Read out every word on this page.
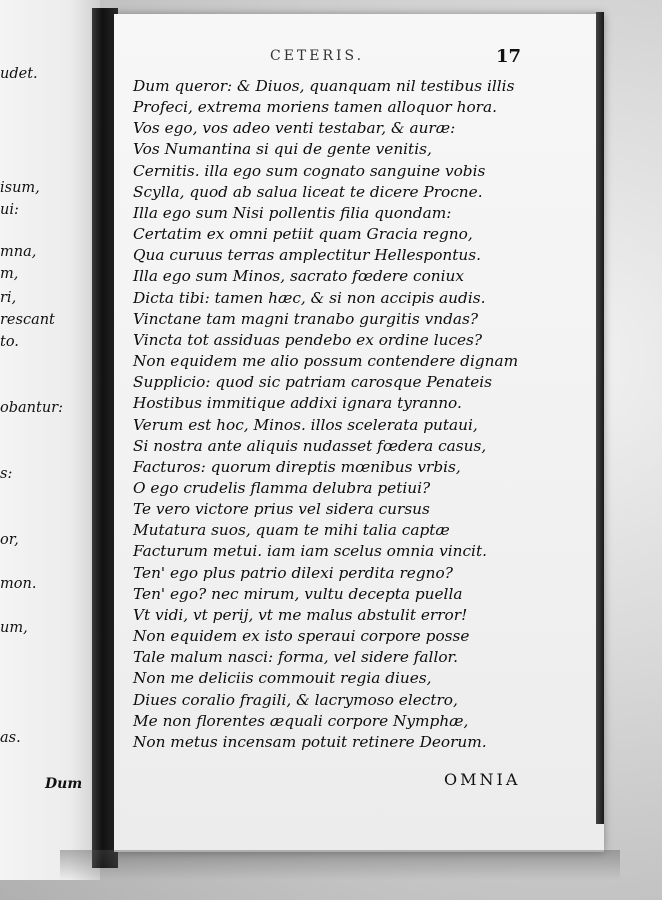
udet.
isum,
ui:
mna,
m,
ri,
rescant
to.
obantur:
s:
or,
mon.
um,
as.
Dum
CETERIS.	17
Dum queror: & Diuos, quanquam nil testibus illis
Profeci, extrema moriens tamen alloquor hora.
Vos ego, vos adeo venti testabar, & auræ:
Vos Numantina si qui de gente venitis,
Cernitis. illa ego sum cognato sanguine vobis
Scylla, quod ab salua liceat te dicere Procne.
Illa ego sum Nisi pollentis filia quondam:
Certatim ex omni petiit quam Gracia regno,
Qua curuus terras amplectitur Hellespontus.
Illa ego sum Minos, sacrato fœdere coniux
Dicta tibi: tamen hæc, & si non accipis audis.
Vinctane tam magni tranabo gurgitis vndas?
Vincta tot assiduas pendebo ex ordine luces?
Non equidem me alio possum contendere dignam
Supplicio: quod sic patriam carosque Penateis
Hostibus immitique addixi ignara tyranno.
Verum est hoc, Minos. illos scelerata putaui,
Si nostra ante aliquis nudasset fœdera casus,
Facturos: quorum direptis mœnibus vrbis,
O ego crudelis flamma delubra petiui?
Te vero victore prius vel sidera cursus
Mutatura suos, quam te mihi talia captæ
Facturum metui. iam iam scelus omnia vincit.
Ten' ego plus patrio dilexi perdita regno?
Ten' ego? nec mirum, vultu decepta puella
Vt vidi, vt perij, vt me malus abstulit error!
Non equidem ex isto speraui corpore posse
Tale malum nasci: forma, vel sidere fallor.
Non me deliciis commouit regia diues,
Diues coralio fragili, & lacrymoso electro,
Me non florentes æquali corpore Nymphæ,
Non metus incensam potuit retinere Deorum.
OMNIA
